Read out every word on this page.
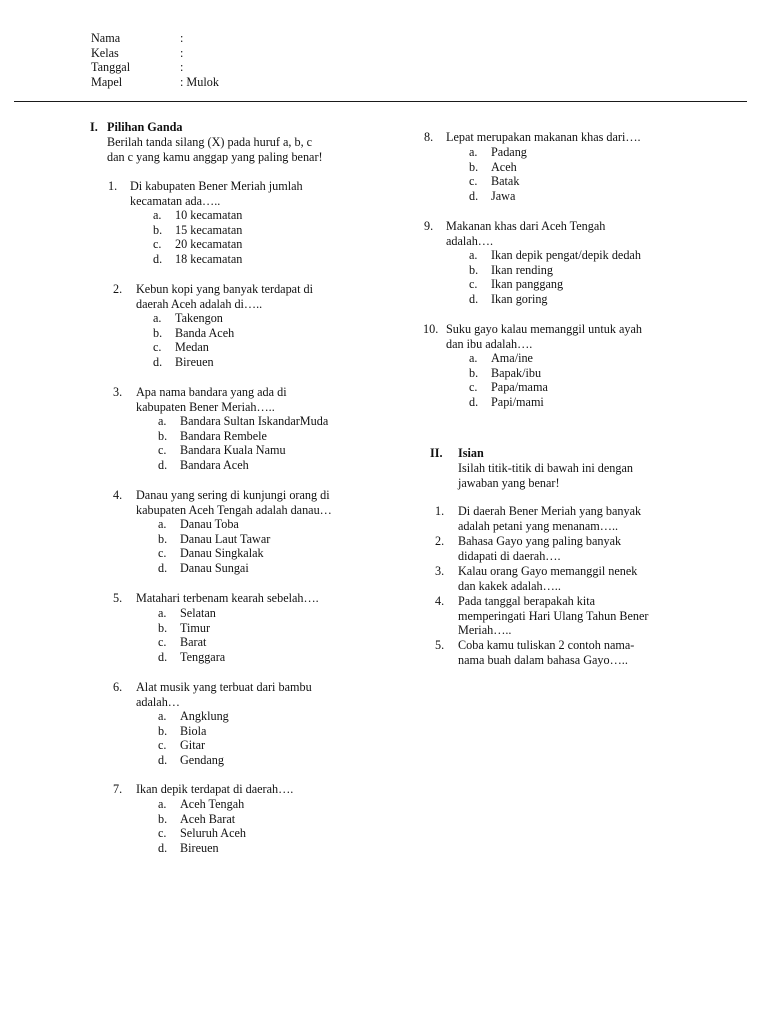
Nama	:
Kelas	:
Tanggal	:
Mapel	: Mulok
I. Pilihan Ganda
Berilah tanda silang (X) pada huruf a, b, c
dan c yang kamu anggap yang paling benar!
1. Di kabupaten Bener Meriah jumlah
kecamatan ada…..
a. 10 kecamatan
b. 15 kecamatan
c. 20 kecamatan
d. 18 kecamatan
2. Kebun kopi yang banyak terdapat di
daerah Aceh adalah di…..
a. Takengon
b. Banda Aceh
c. Medan
d. Bireuen
3. Apa nama bandara yang ada di
kabupaten Bener Meriah…..
a. Bandara Sultan IskandarMuda
b. Bandara Rembele
c. Bandara Kuala Namu
d. Bandara Aceh
4. Danau yang sering di kunjungi orang di
kabupaten Aceh Tengah adalah danau…
a. Danau Toba
b. Danau Laut Tawar
c. Danau Singkalak
d. Danau Sungai
5. Matahari terbenam kearah sebelah….
a. Selatan
b. Timur
c. Barat
d. Tenggara
6. Alat musik yang terbuat dari bambu
adalah…
a. Angklung
b. Biola
c. Gitar
d. Gendang
7. Ikan depik terdapat di daerah….
a. Aceh Tengah
b. Aceh Barat
c. Seluruh Aceh
d. Bireuen
8. Lepat merupakan makanan khas dari….
a. Padang
b. Aceh
c. Batak
d. Jawa
9. Makanan khas dari Aceh Tengah
adalah….
a. Ikan depik pengat/depik dedah
b. Ikan rending
c. Ikan panggang
d. Ikan goring
10. Suku gayo kalau memanggil untuk ayah
dan ibu adalah….
a. Ama/ine
b. Bapak/ibu
c. Papa/mama
d. Papi/mami
II. Isian
Isilah titik-titik di bawah ini dengan
jawaban yang benar!
1. Di daerah Bener Meriah yang banyak
adalah petani yang menanam…..
2. Bahasa Gayo yang paling banyak
didapati di daerah….
3. Kalau orang Gayo memanggil nenek
dan kakek adalah…..
4. Pada tanggal berapakah kita
memperingati Hari Ulang Tahun Bener
Meriah…..
5. Coba kamu tuliskan 2 contoh nama-
nama buah dalam bahasa Gayo…..
